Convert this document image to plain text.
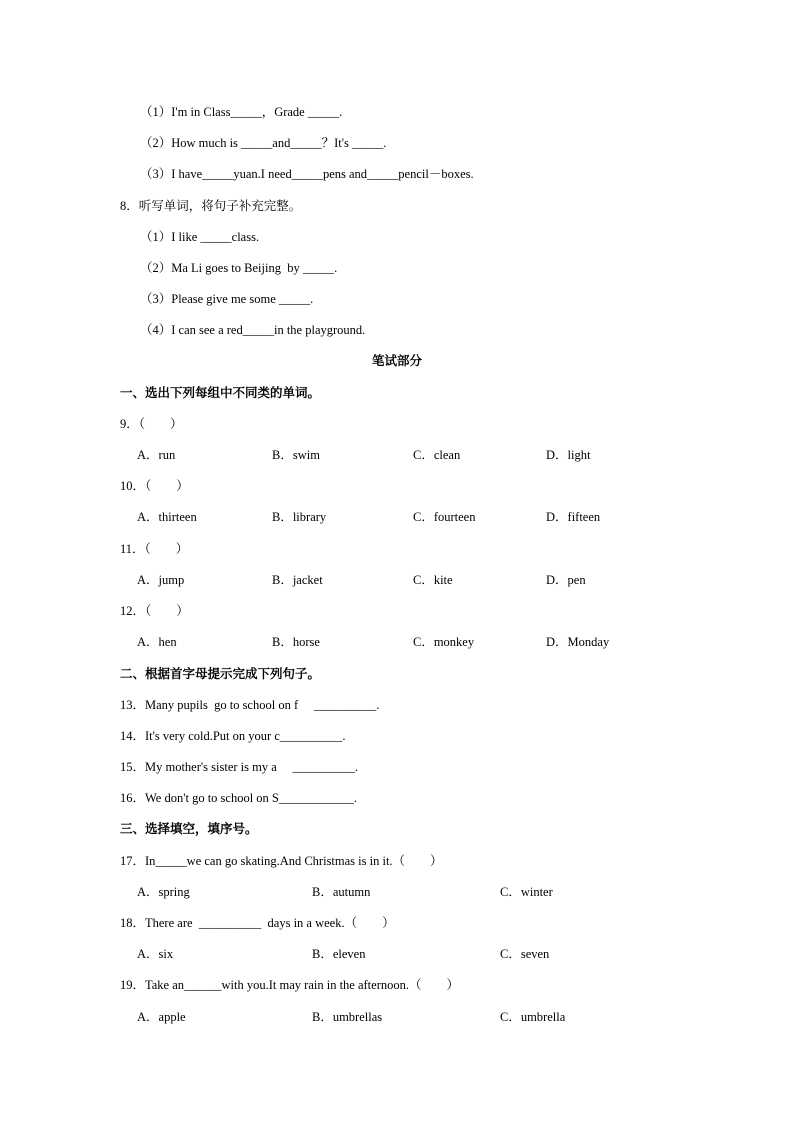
（1）I'm in Class_____，Grade _____.
（2）How much is _____and_____？It's _____.
（3）I have_____yuan.I need_____pens and_____pencil－boxes.
8．听写单词，将句子补充完整。
（1）I like _____class.
（2）Ma Li goes to Beijing  by _____.
（3）Please give me some _____.
（4）I can see a red_____in the playground.
笔试部分
一、选出下列每组中不同类的单词。
9．（　　）
A．run	B．swim	C．clean	D．light
10．（　　）
A．thirteen	B．library	C．fourteen	D．fifteen
11．（　　）
A．jump	B．jacket	C．kite	D．pen
12．（　　）
A．hen	B．horse	C．monkey	D．Monday
二、根据首字母提示完成下列句子。
13．Many pupils  go to school on f     __________.
14．It's very cold.Put on your c__________.
15．My mother's sister is my a     __________.
16．We don't go to school on S____________.
三、选择填空，填序号。
17．In_____we can go skating.And Christmas is in it.（　　）
A．spring	B．autumn	C．winter
18．There are  __________  days in a week.（　　）
A．six	B．eleven	C．seven
19．Take an______with you.It may rain in the afternoon.（　　）
A．apple	B．umbrellas	C．umbrella
